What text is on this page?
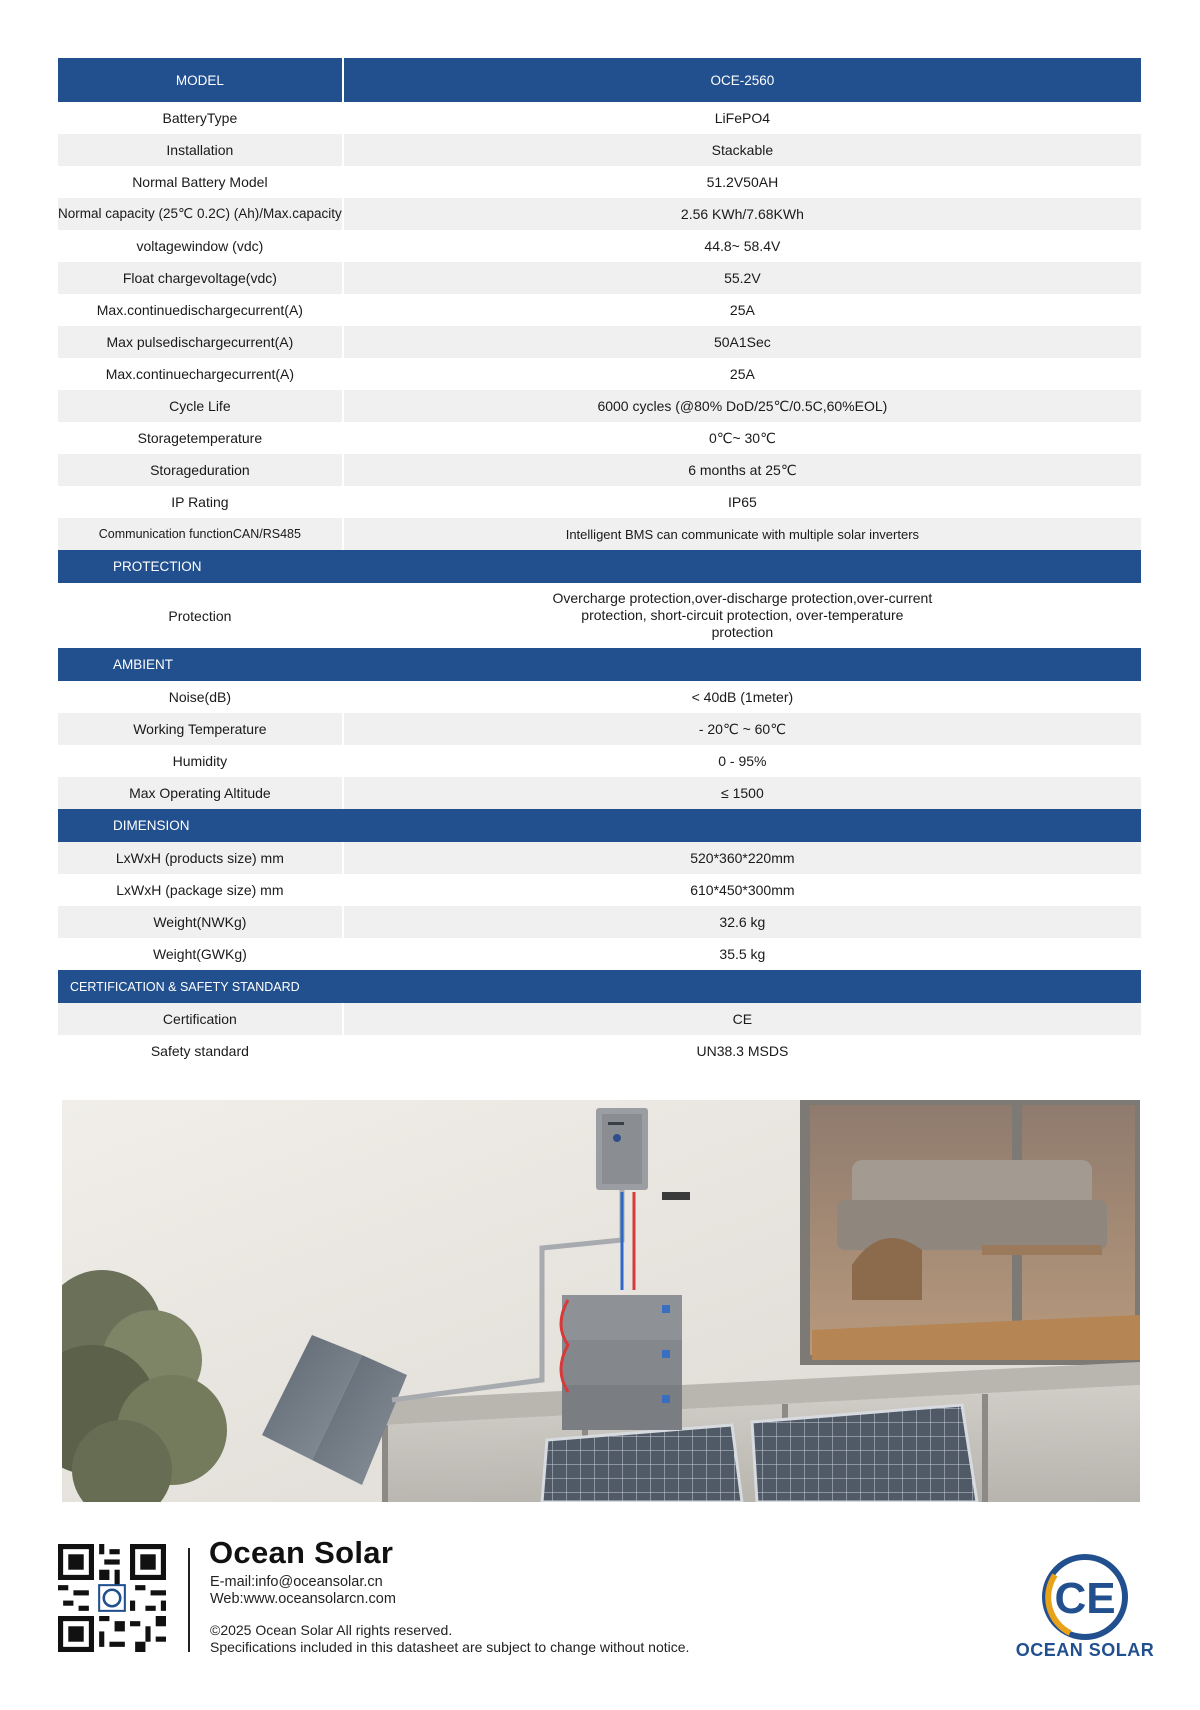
MODEL	OCE-2560
BatteryType	LiFePO4
Installation	Stackable
Normal Battery Model	51.2V50AH
Normal capacity (25℃ 0.2C) (Ah)/Max.capacity	2.56 KWh/7.68KWh
voltagewindow (vdc)	44.8~ 58.4V
Float chargevoltage(vdc)	55.2V
Max.continuedischargecurrent(A)	25A
Max pulsedischargecurrent(A)	50A1Sec
Max.continuechargecurrent(A)	25A
Cycle Life	6000 cycles (@80% DoD/25℃/0.5C,60%EOL)
Storagetemperature	0℃~ 30℃
Storageduration	6 months at 25℃
IP Rating	IP65
Communication functionCAN/RS485	Intelligent BMS can communicate with multiple solar inverters
PROTECTION	
Protection	Overcharge protection,over-discharge protection,over-current
protection, short-circuit protection, over-temperature
protection

AMBIENT	
Noise(dB)	< 40dB (1meter)
Working Temperature	- 20℃ ~ 60℃
Humidity	0 - 95%
Max Operating Altitude	≤ 1500
DIMENSION	
LxWxH (products size) mm	520*360*220mm
LxWxH (package size) mm	610*450*300mm
Weight(NWKg)	32.6 kg
Weight(GWKg)	35.5 kg
CERTIFICATION & SAFETY STANDARD	
Certification	CE
Safety standard	UN38.3 MSDS
Ocean Solar
E-mail:info@oceansolar.cn
Web:www.oceansolarcn.com
©2025 Ocean Solar All rights reserved.
Specifications included in this datasheet are subject to change without notice.
CE
OCEAN SOLAR
